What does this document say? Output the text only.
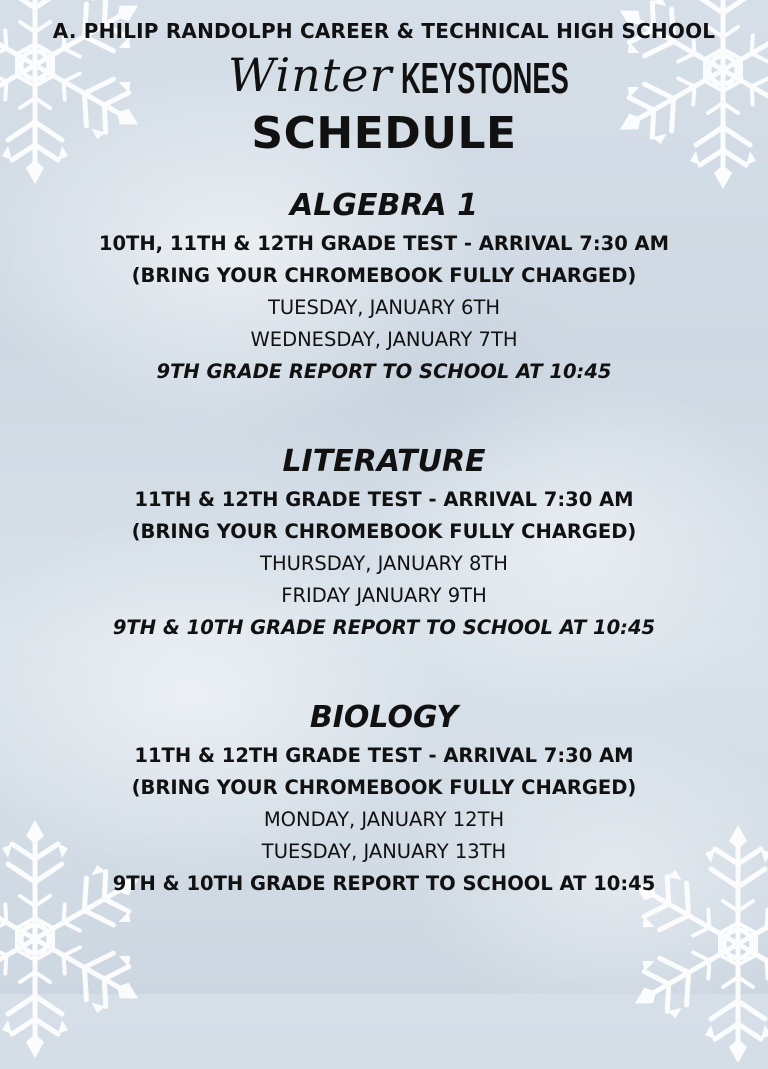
A. PHILIP RANDOLPH CAREER & TECHNICAL HIGH SCHOOL
Winter KEYSTONES
SCHEDULE
ALGEBRA 1
10TH, 11TH & 12TH GRADE TEST - ARRIVAL 7:30 AM
(BRING YOUR CHROMEBOOK FULLY CHARGED)
TUESDAY, JANUARY 6TH
WEDNESDAY, JANUARY 7TH
9TH GRADE REPORT TO SCHOOL AT 10:45
LITERATURE
11TH & 12TH GRADE TEST - ARRIVAL 7:30 AM
(BRING YOUR CHROMEBOOK FULLY CHARGED)
THURSDAY, JANUARY 8TH
FRIDAY JANUARY 9TH
9TH & 10TH GRADE REPORT TO SCHOOL AT 10:45
BIOLOGY
11TH & 12TH GRADE TEST - ARRIVAL 7:30 AM
(BRING YOUR CHROMEBOOK FULLY CHARGED)
MONDAY, JANUARY 12TH
TUESDAY, JANUARY 13TH
9TH & 10TH GRADE REPORT TO SCHOOL AT 10:45
